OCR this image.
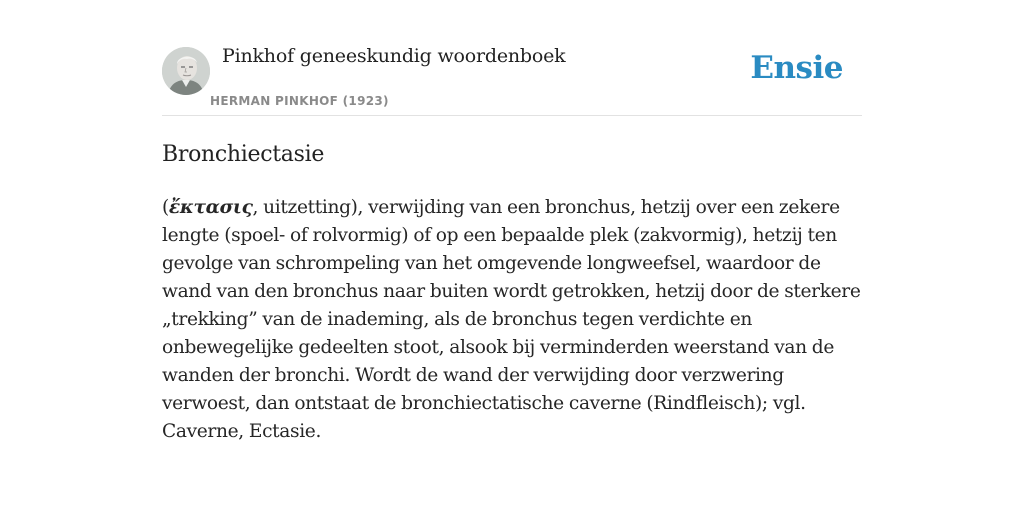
Pinkhof geneeskundig woordenboek
HERMAN PINKHOF (1923)
Ensie
Bronchiectasie

(ἔκτασις, uitzetting), verwijding van een bronchus, hetzij over een zekere lengte (spoel- of rolvormig) of op een bepaalde plek (zakvormig), hetzij ten gevolge van schrompeling van het omgevende longweefsel, waardoor de wand van den bronchus naar buiten wordt getrokken, hetzij door de sterkere „trekking” van de inademing, als de bronchus tegen verdichte en onbewegelijke gedeelten stoot, alsook bij verminderden weerstand van de wanden der bronchi. Wordt de wand der verwijding door verzwering verwoest, dan ontstaat de bronchiectatische caverne (Rindfleisch); vgl. Caverne, Ectasie.
